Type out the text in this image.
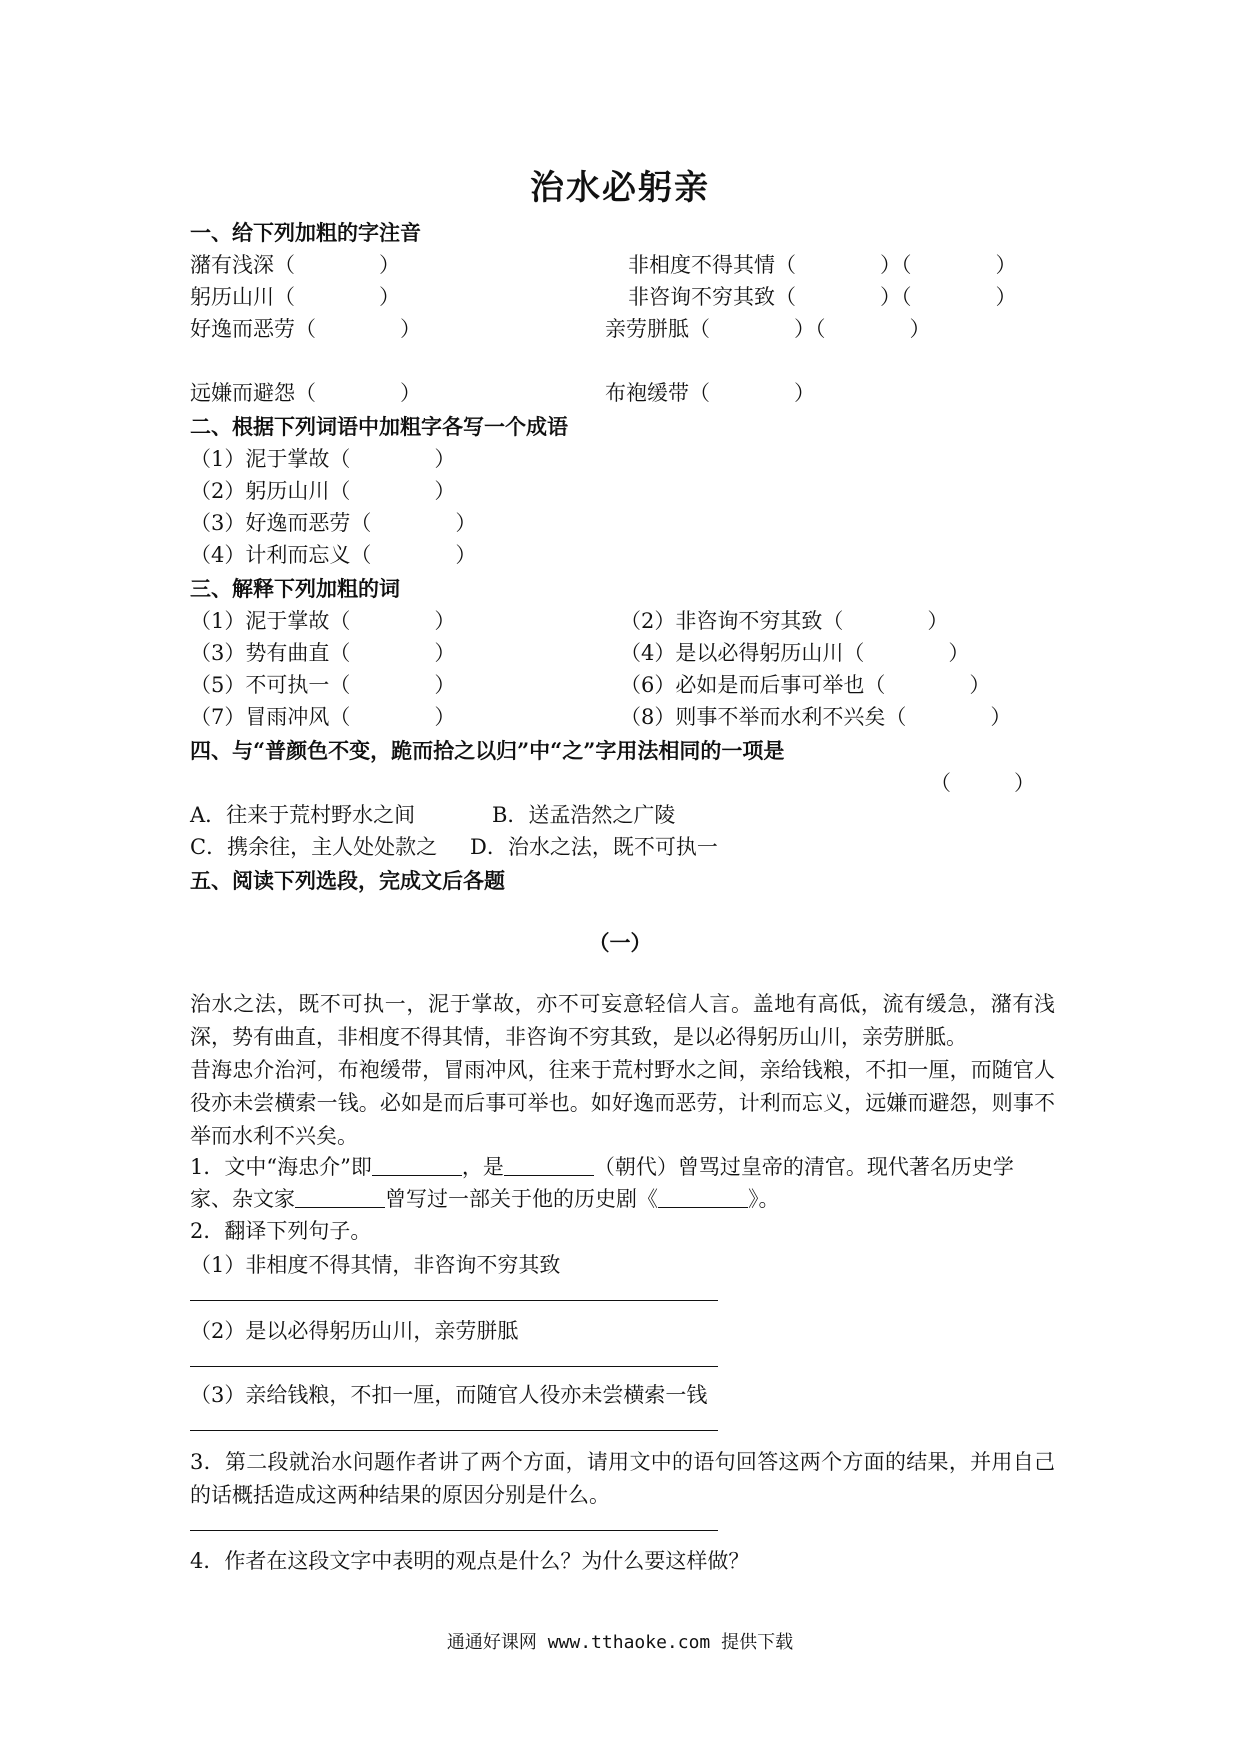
治水必躬亲
一、给下列加粗的字注音
潴有浅深（　　　　）	非相度不得其情（　　　　）（　　　　）
躬历山川（　　　　）	非咨询不穷其致（　　　　）（　　　　）
好逸而恶劳（　　　　）	亲劳胼胝（　　　　）（　　　　）
远嫌而避怨（　　　　）	布袍缓带（　　　　）
二、根据下列词语中加粗字各写一个成语
（1）泥于掌故（　　　　）
（2）躬历山川（　　　　）
（3）好逸而恶劳（　　　　）
（4）计利而忘义（　　　　）
三、解释下列加粗的词
（1）泥于掌故（　　　　）	（2）非咨询不穷其致（　　　　）
（3）势有曲直（　　　　）	（4）是以必得躬历山川（　　　　）
（5）不可执一（　　　　）	（6）必如是而后事可举也（　　　　）
（7）冒雨冲风（　　　　）	（8）则事不举而水利不兴矣（　　　　）
四、与“普颜色不变，跪而拾之以归”中“之”字用法相同的一项是
（　　　）
A．往来于荒村野水之间	B．送孟浩然之广陵
C．携余往，主人处处款之 D．治水之法，既不可执一
五、阅读下列选段，完成文后各题
（一）
治水之法，既不可执一，泥于掌故，亦不可妄意轻信人言。盖地有高低，流有缓急，潴有浅深，势有曲直，非相度不得其情，非咨询不穷其致，是以必得躬历山川，亲劳胼胝。
昔海忠介治河，布袍缓带，冒雨冲风，往来于荒村野水之间，亲给钱粮，不扣一厘，而随官人役亦未尝横索一钱。必如是而后事可举也。如好逸而恶劳，计利而忘义，远嫌而避怨，则事不举而水利不兴矣。
1．文中“海忠介”即	，是	（朝代）曾骂过皇帝的清官。现代著名历史学
家、杂文家	曾写过一部关于他的历史剧《	》。
2．翻译下列句子。
（1）非相度不得其情，非咨询不穷其致
（2）是以必得躬历山川，亲劳胼胝
（3）亲给钱粮，不扣一厘，而随官人役亦未尝横索一钱
3．第二段就治水问题作者讲了两个方面，请用文中的语句回答这两个方面的结果，并用自己的话概括造成这两种结果的原因分别是什么。
4．作者在这段文字中表明的观点是什么？为什么要这样做？
通通好课网 www.tthaoke.com 提供下载
